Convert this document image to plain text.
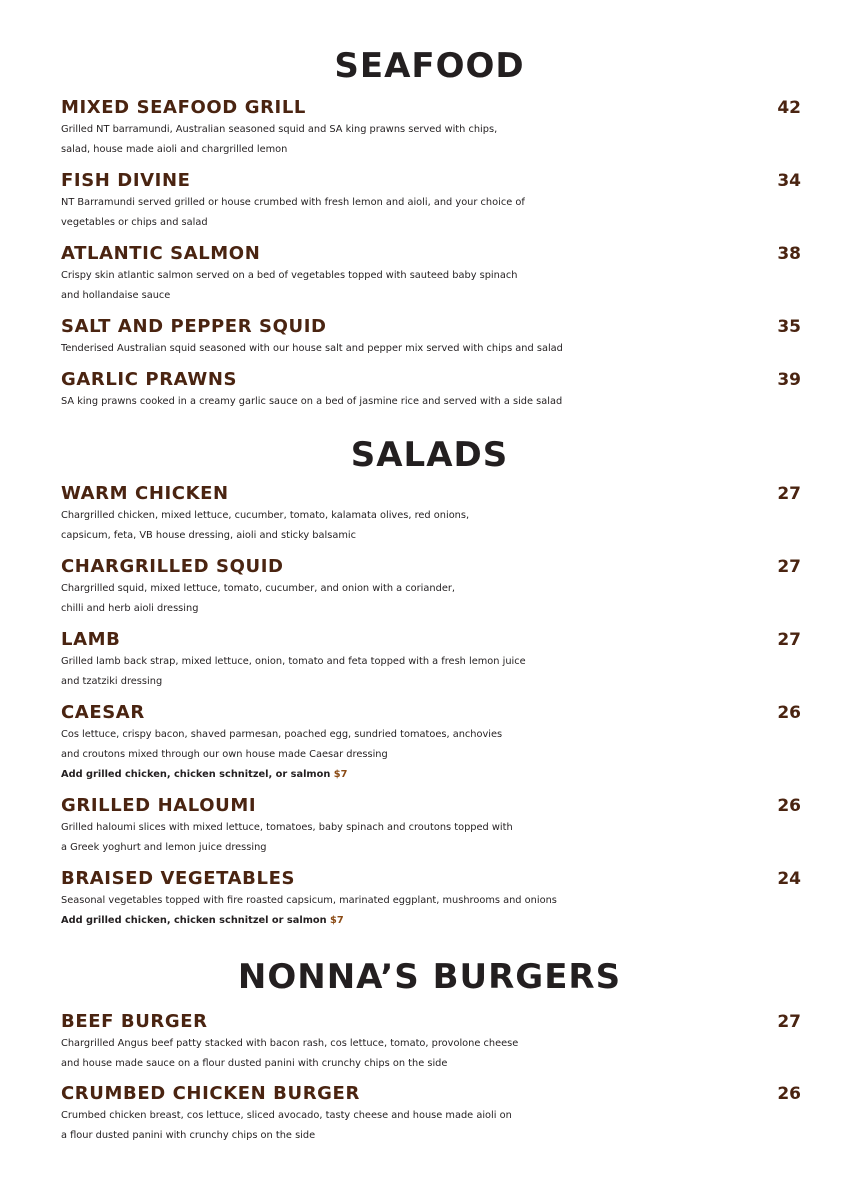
SEAFOOD
MIXED SEAFOOD GRILL	42
Grilled NT barramundi, Australian seasoned squid and SA king prawns served with chips,
salad, house made aioli and chargrilled lemon
FISH DIVINE	34
NT Barramundi served grilled or house crumbed with fresh lemon and aioli, and your choice of
vegetables or chips and salad
ATLANTIC SALMON	38
Crispy skin atlantic salmon served on a bed of vegetables topped with sauteed baby spinach
and hollandaise sauce
SALT AND PEPPER SQUID	35
Tenderised Australian squid seasoned with our house salt and pepper mix served with chips and salad
GARLIC PRAWNS	39
SA king prawns cooked in a creamy garlic sauce on a bed of jasmine rice and served with a side salad
SALADS
WARM CHICKEN	27
Chargrilled chicken, mixed lettuce, cucumber, tomato, kalamata olives, red onions,
capsicum, feta, VB house dressing, aioli and sticky balsamic
CHARGRILLED SQUID	27
Chargrilled squid, mixed lettuce, tomato, cucumber, and onion with a coriander,
chilli and herb aioli dressing
LAMB	27
Grilled lamb back strap, mixed lettuce, onion, tomato and feta topped with a fresh lemon juice
and tzatziki dressing
CAESAR	26
Cos lettuce, crispy bacon, shaved parmesan, poached egg, sundried tomatoes, anchovies
and croutons mixed through our own house made Caesar dressing
Add grilled chicken, chicken schnitzel, or salmon $7
GRILLED HALOUMI	26
Grilled haloumi slices with mixed lettuce, tomatoes, baby spinach and croutons topped with
a Greek yoghurt and lemon juice dressing
BRAISED VEGETABLES	24
Seasonal vegetables topped with fire roasted capsicum, marinated eggplant, mushrooms and onions
Add grilled chicken, chicken schnitzel or salmon $7
NONNA’S BURGERS
BEEF BURGER	27
Chargrilled Angus beef patty stacked with bacon rash, cos lettuce, tomato, provolone cheese
and house made sauce on a flour dusted panini with crunchy chips on the side
CRUMBED CHICKEN BURGER	26
Crumbed chicken breast, cos lettuce, sliced avocado, tasty cheese and house made aioli on
a flour dusted panini with crunchy chips on the side
